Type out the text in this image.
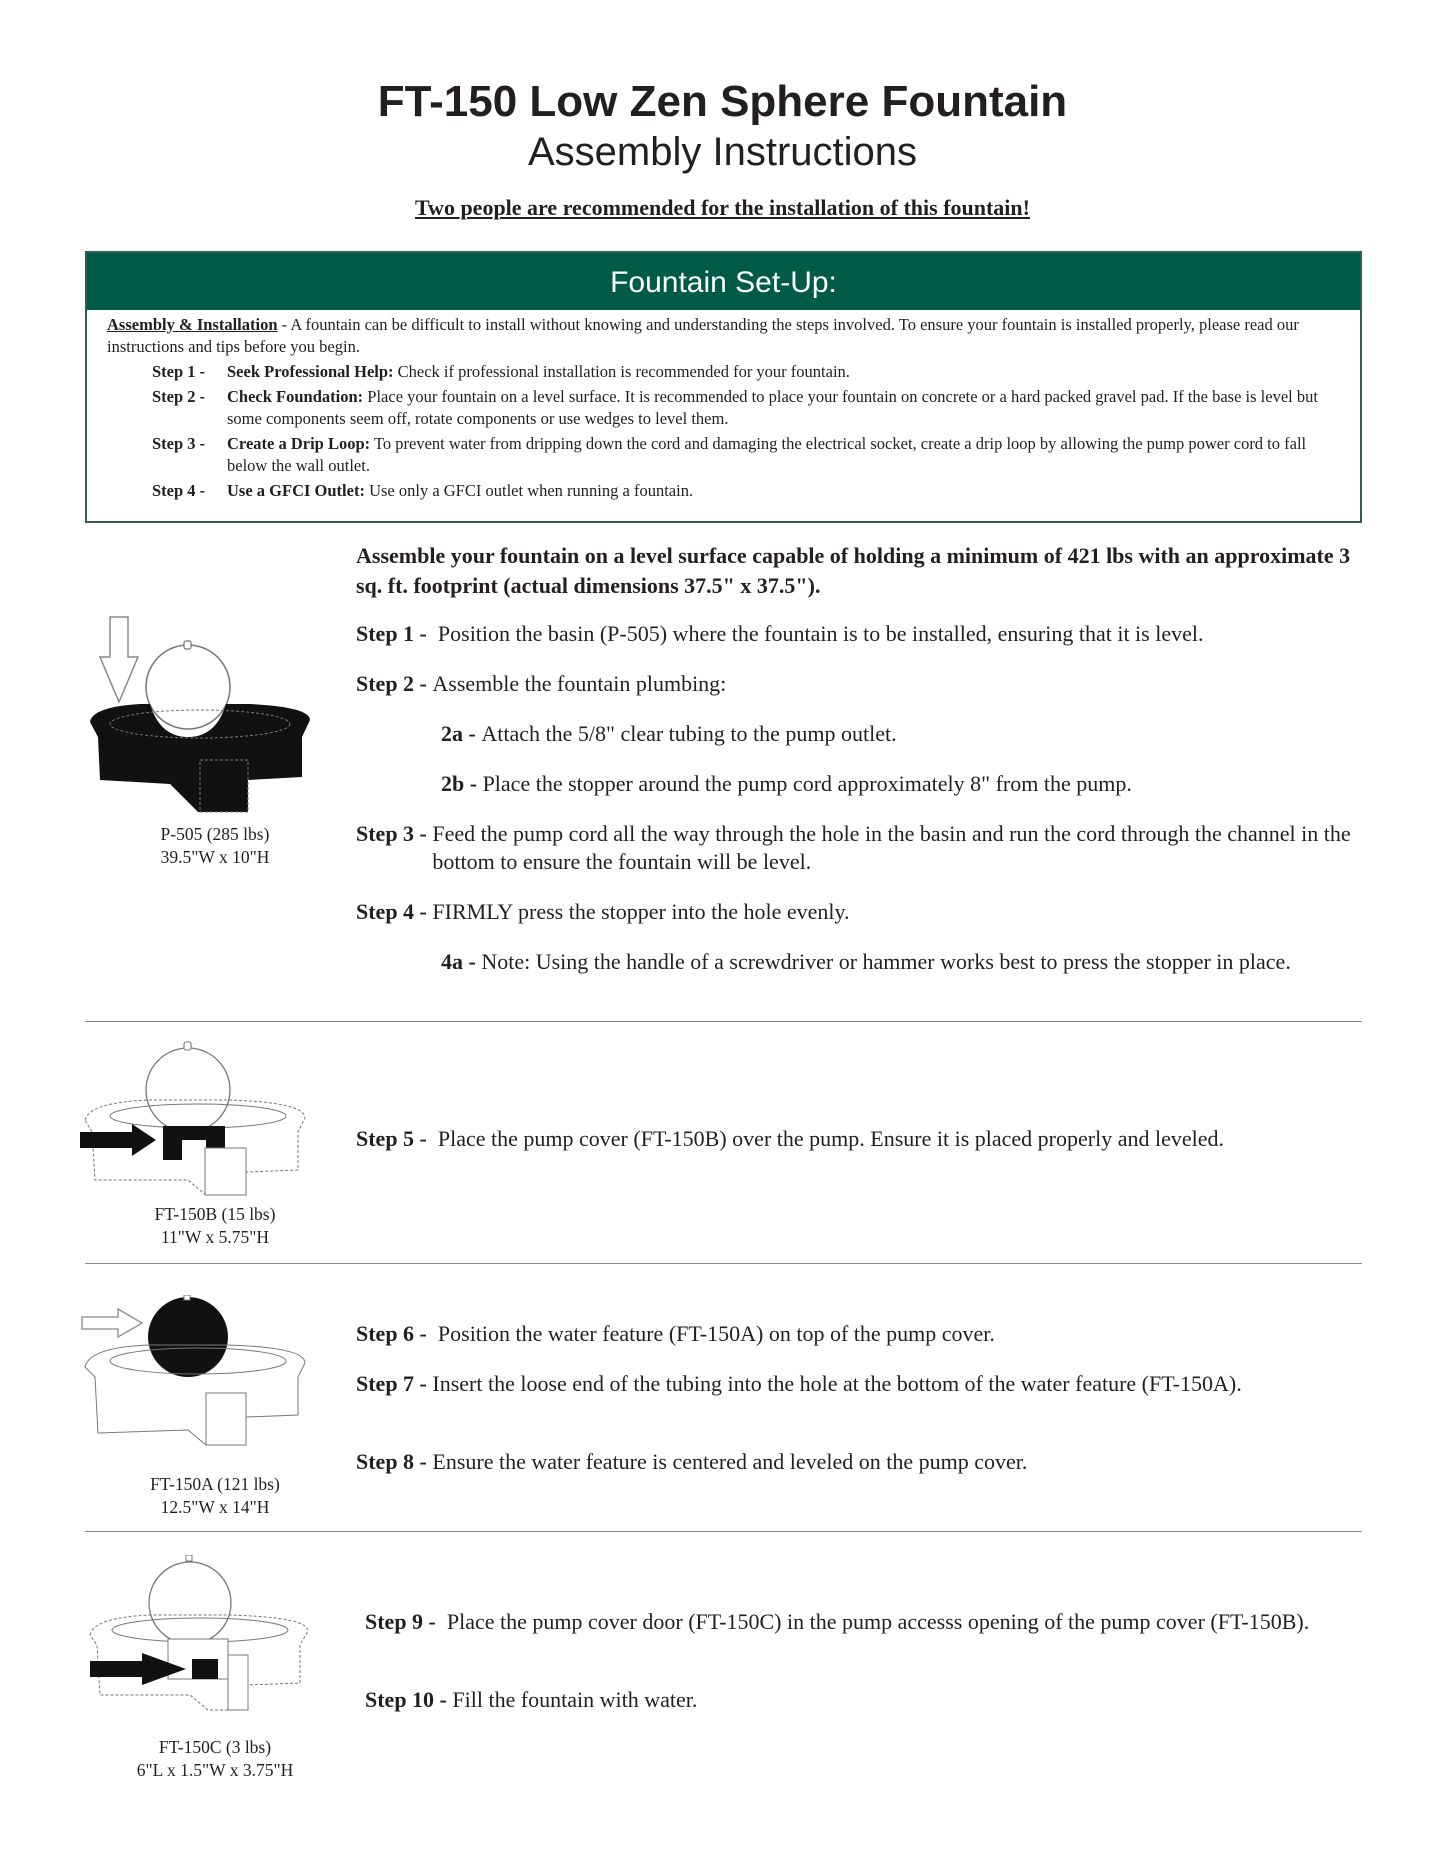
FT-150 Low Zen Sphere Fountain
Assembly Instructions
Two people are recommended for the installation of this fountain!
Fountain Set-Up:
Assembly & Installation - A fountain can be difficult to install without knowing and understanding the steps involved. To ensure your fountain is installed properly, please read our instructions and tips before you begin.
Step 1 -	Seek Professional Help: Check if professional installation is recommended for your fountain.
Step 2 -	Check Foundation: Place your fountain on a level surface. It is recommended to place your fountain on concrete or a hard packed gravel pad. If the base is level but some components seem off, rotate components or use wedges to level them.
Step 3 -	Create a Drip Loop: To prevent water from dripping down the cord and damaging the electrical socket, create a drip loop by allowing the pump power cord to fall below the wall outlet.
Step 4 -	Use a GFCI Outlet: Use only a GFCI outlet when running a fountain.
Assemble your fountain on a level surface capable of holding a minimum of 421 lbs with an approximate 3 sq. ft. footprint (actual dimensions 37.5" x 37.5").
Step 1 - Position the basin (P-505) where the fountain is to be installed, ensuring that it is level.
Step 2 - Assemble the fountain plumbing:
2a - Attach the 5/8" clear tubing to the pump outlet.
2b - Place the stopper around the pump cord approximately 8" from the pump.
Step 3 - Feed the pump cord all the way through the hole in the basin and run the cord through the channel in the bottom to ensure the fountain will be level.
Step 4 - FIRMLY press the stopper into the hole evenly.
4a - Note: Using the handle of a screwdriver or hammer works best to press the stopper in place.
P-505 (285 lbs)
39.5"W x 10"H
Step 5 - Place the pump cover (FT-150B) over the pump. Ensure it is placed properly and leveled.
FT-150B (15 lbs)
11"W x 5.75"H
Step 6 - Position the water feature (FT-150A) on top of the pump cover.
Step 7 - Insert the loose end of the tubing into the hole at the bottom of the water feature (FT-150A).
Step 8 - Ensure the water feature is centered and leveled on the pump cover.
FT-150A (121 lbs)
12.5"W x 14"H
Step 9 - Place the pump cover door (FT-150C) in the pump accesss opening of the pump cover (FT-150B).
Step 10 - Fill the fountain with water.
FT-150C (3 lbs)
6"L x 1.5"W x 3.75"H
